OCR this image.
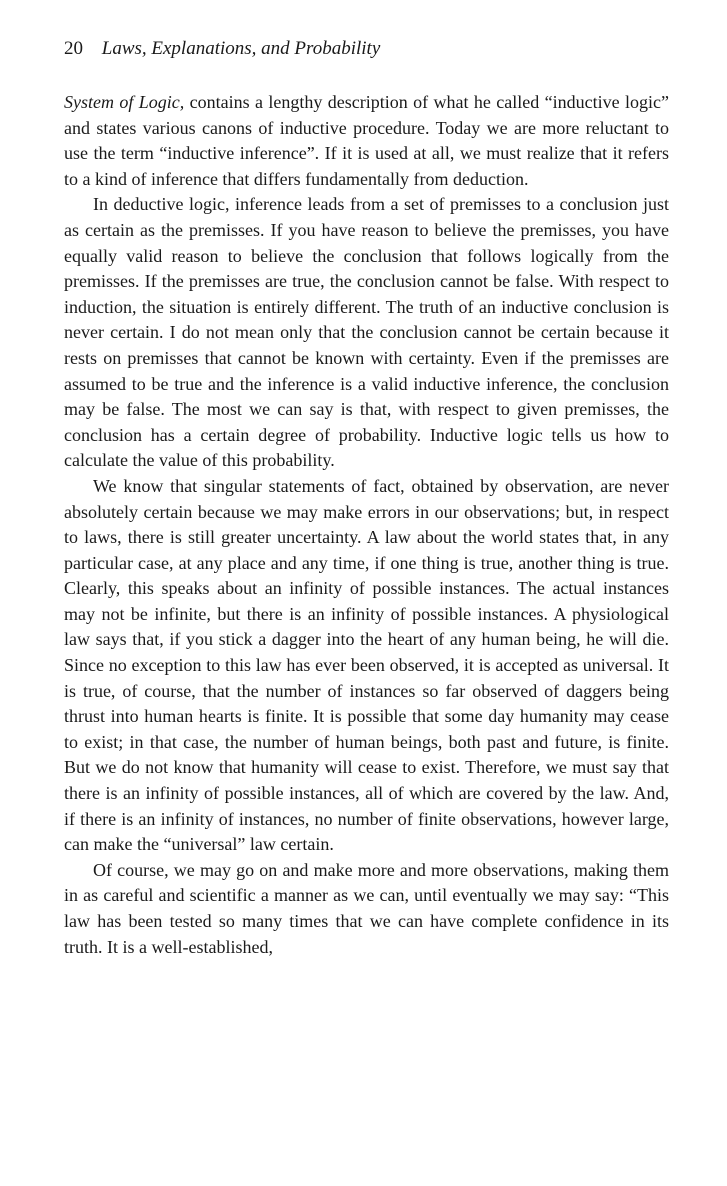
20 Laws, Explanations, and Probability

System of Logic, contains a lengthy description of what he called “inductive logic” and states various canons of inductive procedure. Today we are more reluctant to use the term “inductive inference”. If it is used at all, we must realize that it refers to a kind of inference that differs fundamentally from deduction.

In deductive logic, inference leads from a set of premisses to a conclusion just as certain as the premisses. If you have reason to believe the premisses, you have equally valid reason to believe the conclusion that follows logically from the premisses. If the premisses are true, the conclusion cannot be false. With respect to induction, the situation is entirely different. The truth of an inductive conclusion is never certain. I do not mean only that the conclusion cannot be certain because it rests on premisses that cannot be known with certainty. Even if the premisses are assumed to be true and the inference is a valid inductive inference, the conclusion may be false. The most we can say is that, with respect to given premisses, the conclusion has a certain degree of probability. Inductive logic tells us how to calculate the value of this probability.

We know that singular statements of fact, obtained by observation, are never absolutely certain because we may make errors in our observations; but, in respect to laws, there is still greater uncertainty. A law about the world states that, in any particular case, at any place and any time, if one thing is true, another thing is true. Clearly, this speaks about an infinity of possible instances. The actual instances may not be infinite, but there is an infinity of possible instances. A physiological law says that, if you stick a dagger into the heart of any human being, he will die. Since no exception to this law has ever been observed, it is accepted as universal. It is true, of course, that the number of instances so far observed of daggers being thrust into human hearts is finite. It is possible that some day humanity may cease to exist; in that case, the number of human beings, both past and future, is finite. But we do not know that humanity will cease to exist. Therefore, we must say that there is an infinity of possible instances, all of which are covered by the law. And, if there is an infinity of instances, no number of finite observations, however large, can make the “universal” law certain.

Of course, we may go on and make more and more observations, making them in as careful and scientific a manner as we can, until eventually we may say: “This law has been tested so many times that we can have complete confidence in its truth. It is a well-established,
